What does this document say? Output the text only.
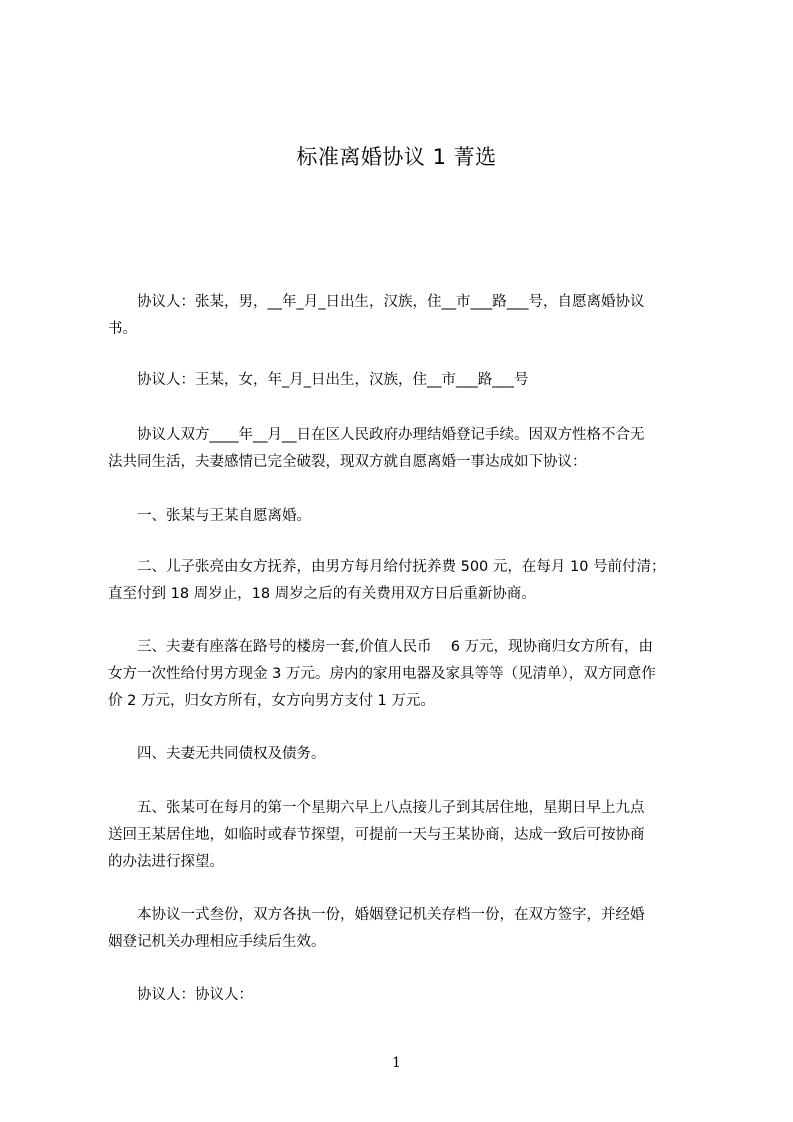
标准离婚协议 1 菁选
　　协议人：张某，男，__年_月_日出生，汉族，住__市___路___号，自愿离婚协议
书。
　　协议人：王某，女，年_月_日出生，汉族，住__市___路___号
　　协议人双方____年__月__日在区人民政府办理结婚登记手续。因双方性格不合无
法共同生活，夫妻感情已完全破裂，现双方就自愿离婚一事达成如下协议：
　　一、张某与王某自愿离婚。
　　二、儿子张亮由女方抚养，由男方每月给付抚养费 500 元，在每月 10 号前付清；
直至付到 18 周岁止，18 周岁之后的有关费用双方日后重新协商。
　　三、夫妻有座落在路号的楼房一套,价值人民币　 6 万元，现协商归女方所有，由
女方一次性给付男方现金 3 万元。房内的家用电器及家具等等（见清单），双方同意作
价 2 万元，归女方所有，女方向男方支付 1 万元。
　　四、夫妻无共同债权及债务。
　　五、张某可在每月的第一个星期六早上八点接儿子到其居住地，星期日早上九点
送回王某居住地，如临时或春节探望，可提前一天与王某协商，达成一致后可按协商
的办法进行探望。
　　本协议一式叁份，双方各执一份，婚姻登记机关存档一份，在双方签字，并经婚
姻登记机关办理相应手续后生效。
　　协议人：协议人：
1
